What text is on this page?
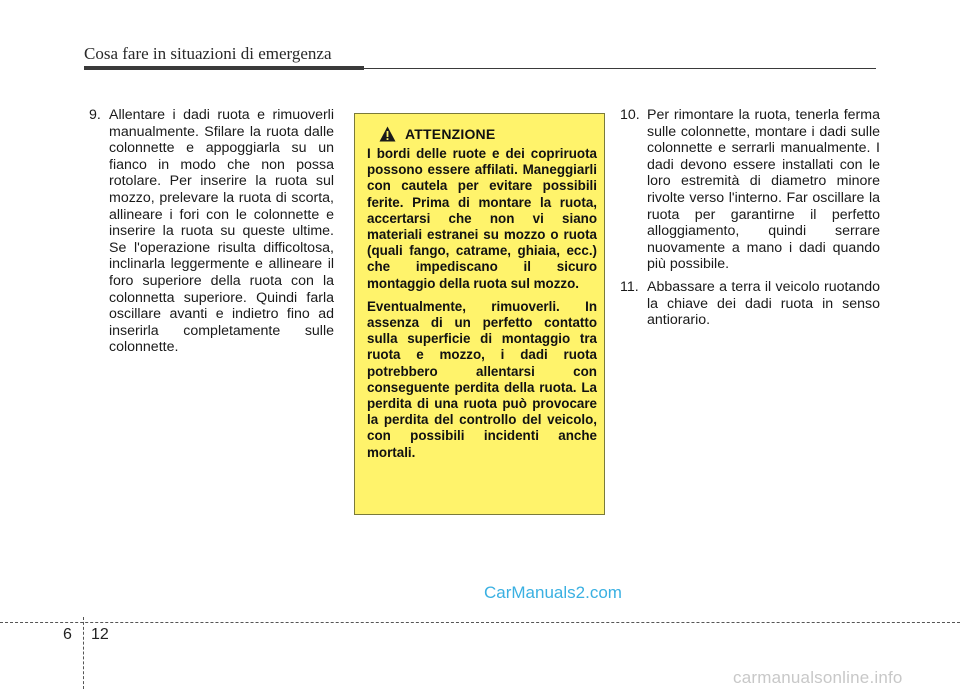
Cosa fare in situazioni di emergenza
9. Allentare i dadi ruota e rimuoverli manualmente. Sfilare la ruota dalle colonnette e appoggiarla su un fianco in modo che non possa rotolare. Per inserire la ruota sul mozzo, prelevare la ruota di scorta, allineare i fori con le colonnette e inserire la ruota su queste ultime. Se l'operazione risulta difficoltosa, inclinarla leggermente e allineare il foro superiore della ruota con la colonnetta superiore. Quindi farla oscillare avanti e indietro fino ad inserirla completamente sulle colonnette.
ATTENZIONE

I bordi delle ruote e dei copriruota possono essere affilati. Maneggiarli con cautela per evitare possibili ferite. Prima di montare la ruota, accertarsi che non vi siano materiali estranei su mozzo o ruota (quali fango, catrame, ghiaia, ecc.) che impediscano il sicuro montaggio della ruota sul mozzo.

Eventualmente, rimuoverli. In assenza di un perfetto contatto sulla superficie di montaggio tra ruota e mozzo, i dadi ruota potrebbero allentarsi con conseguente perdita della ruota. La perdita di una ruota può provocare la perdita del controllo del veicolo, con possibili incidenti anche mortali.

10. Per rimontare la ruota, tenerla ferma sulle colonnette, montare i dadi sulle colonnette e serrarli manualmente. I dadi devono essere installati con le loro estremità di diametro minore rivolte verso l'interno. Far oscillare la ruota per garantirne il perfetto alloggiamento, quindi serrare nuovamente a mano i dadi quando più possibile.
11. Abbassare a terra il veicolo ruotando la chiave dei dadi ruota in senso antiorario.
CarManuals2.com
6 12
carmanualsonline.info
